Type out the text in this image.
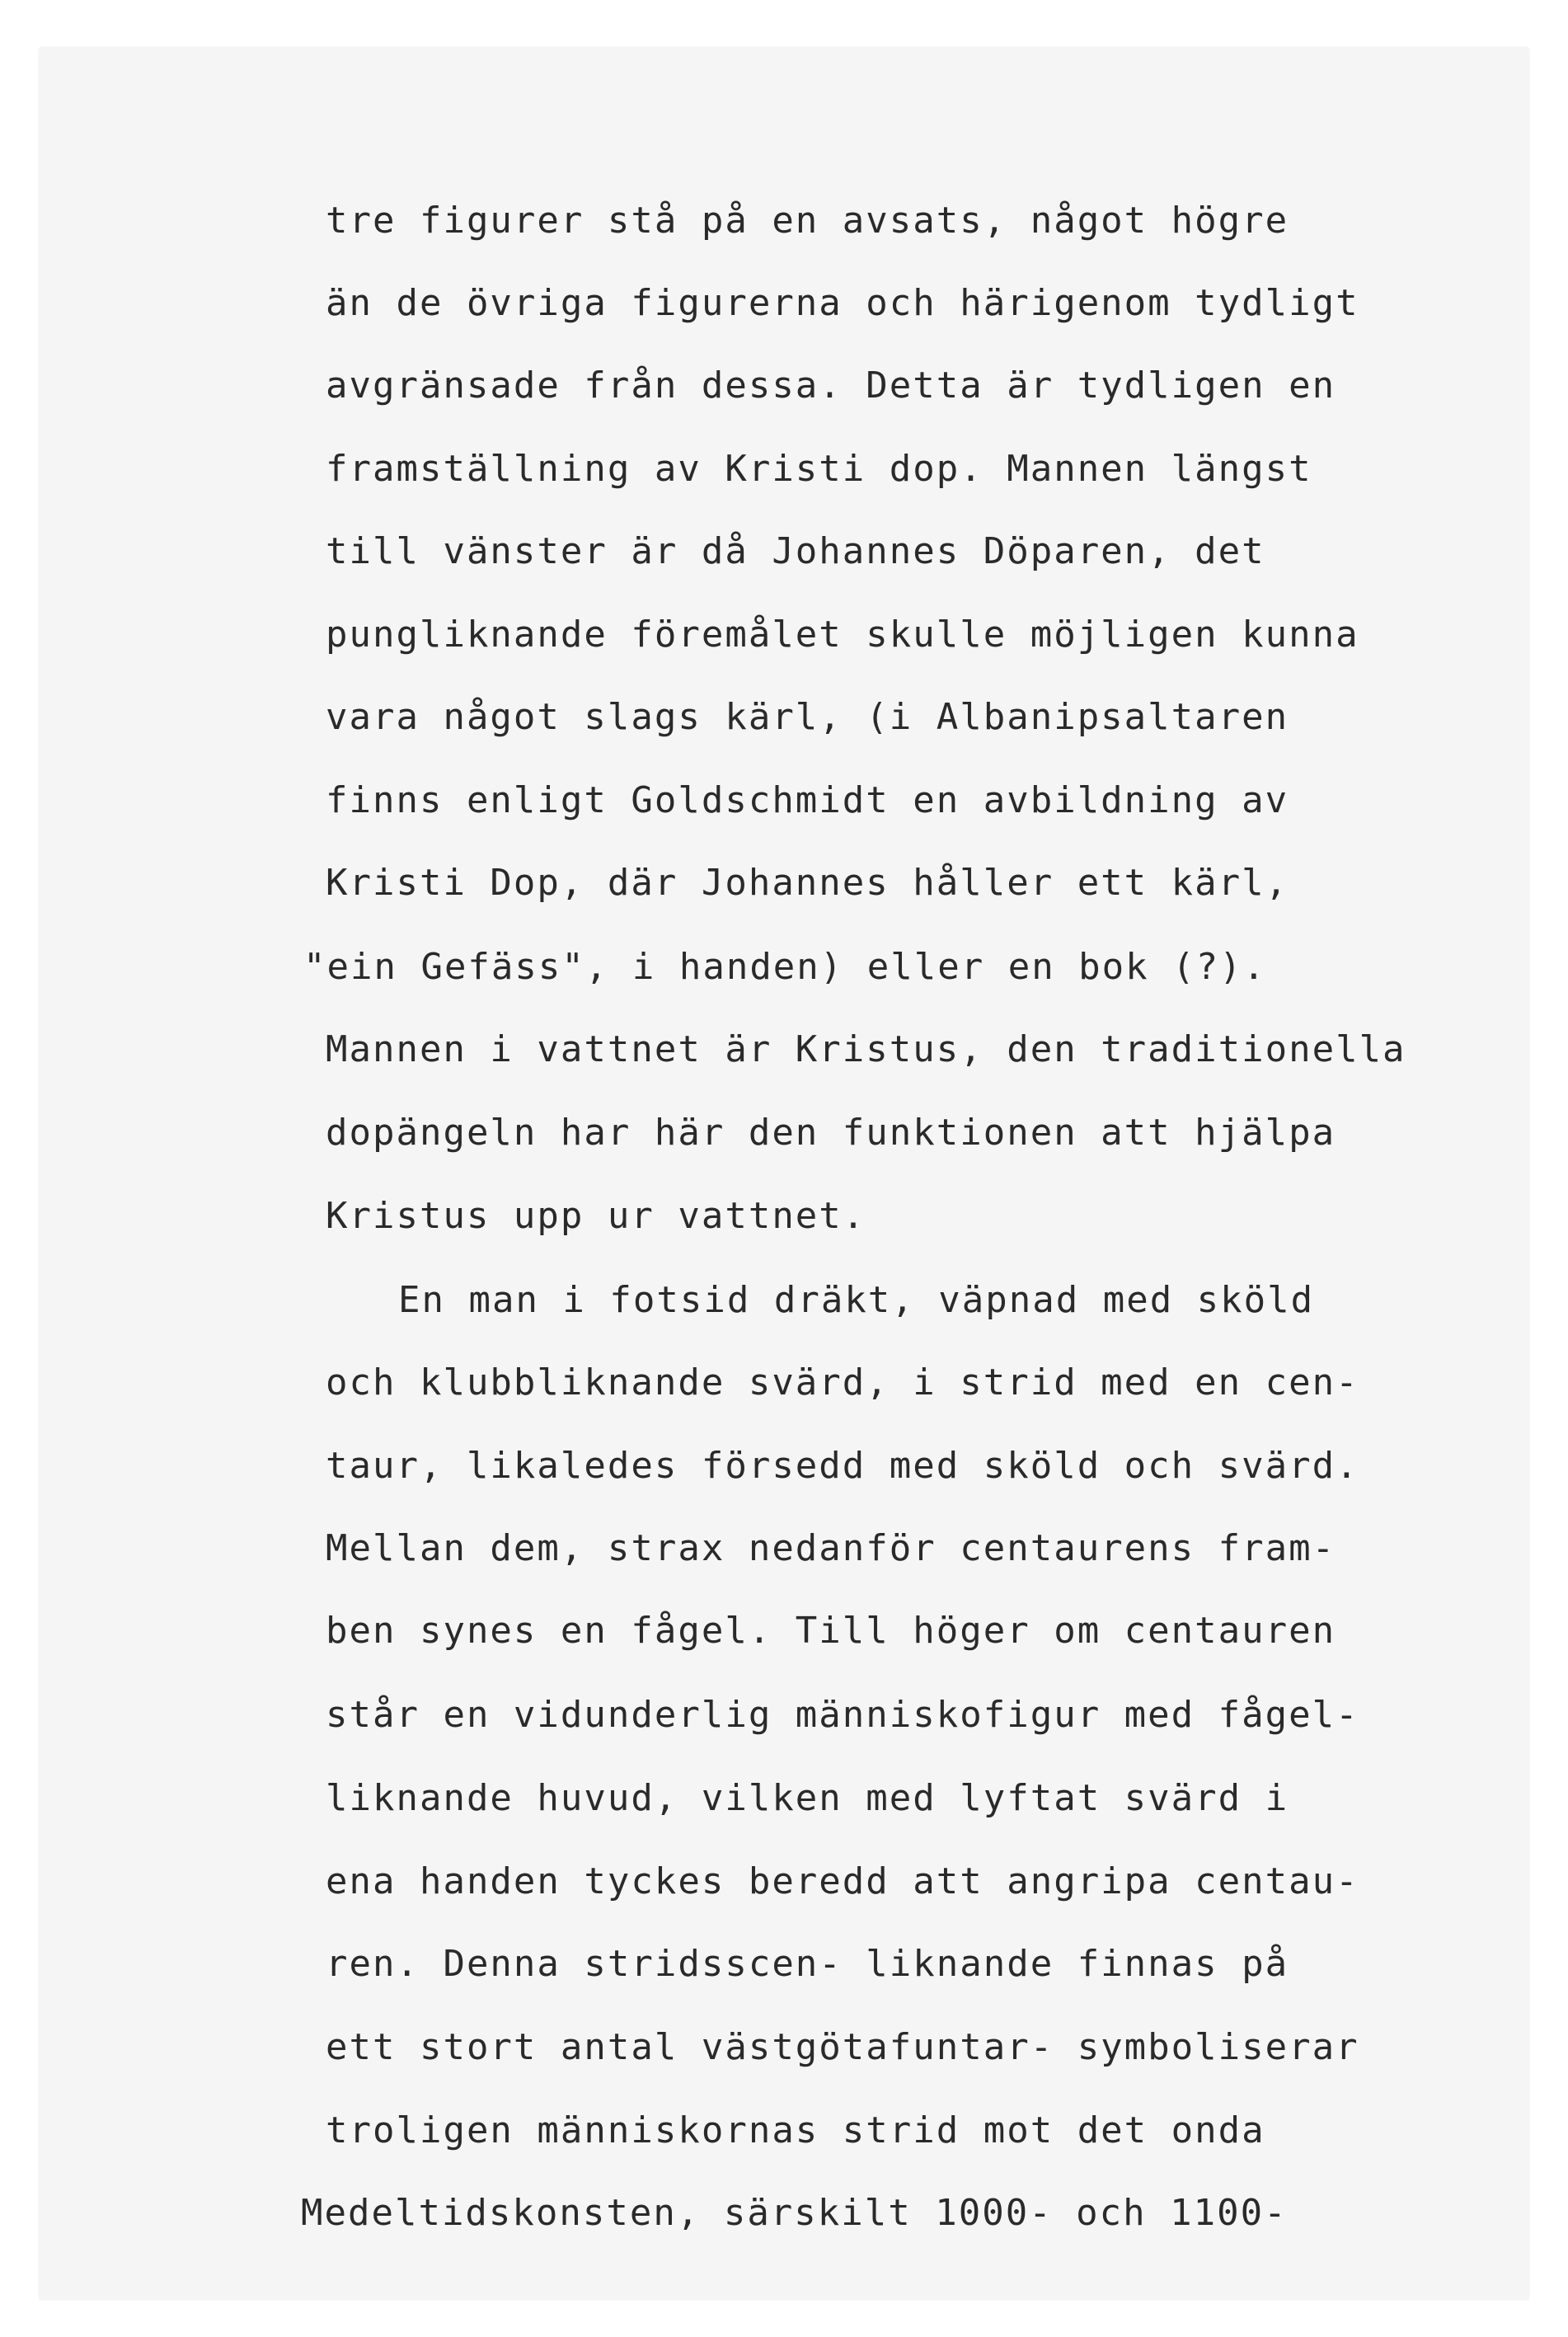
tre figurer stå på en avsats, något högre
än de övriga figurerna och härigenom tydligt
avgränsade från dessa. Detta är tydligen en
framställning av Kristi dop. Mannen längst
till vänster är då Johannes Döparen, det
pungliknande föremålet skulle möjligen kunna
vara något slags kärl, (i Albanipsaltaren
finns enligt Goldschmidt en avbildning av
Kristi Dop, där Johannes håller ett kärl,
"ein Gefäss", i handen) eller en bok (?).
Mannen i vattnet är Kristus, den traditionella
dopängeln har här den funktionen att hjälpa
Kristus upp ur vattnet.
En man i fotsid dräkt, väpnad med sköld
och klubbliknande svärd, i strid med en cen-
taur, likaledes försedd med sköld och svärd.
Mellan dem, strax nedanför centaurens fram-
ben synes en fågel. Till höger om centauren
står en vidunderlig människofigur med fågel-
liknande huvud, vilken med lyftat svärd i
ena handen tyckes beredd att angripa centau-
ren. Denna stridsscen- liknande finnas på
ett stort antal västgötafuntar- symboliserar
troligen människornas strid mot det onda
Medeltidskonsten, särskilt 1000- och 1100-
